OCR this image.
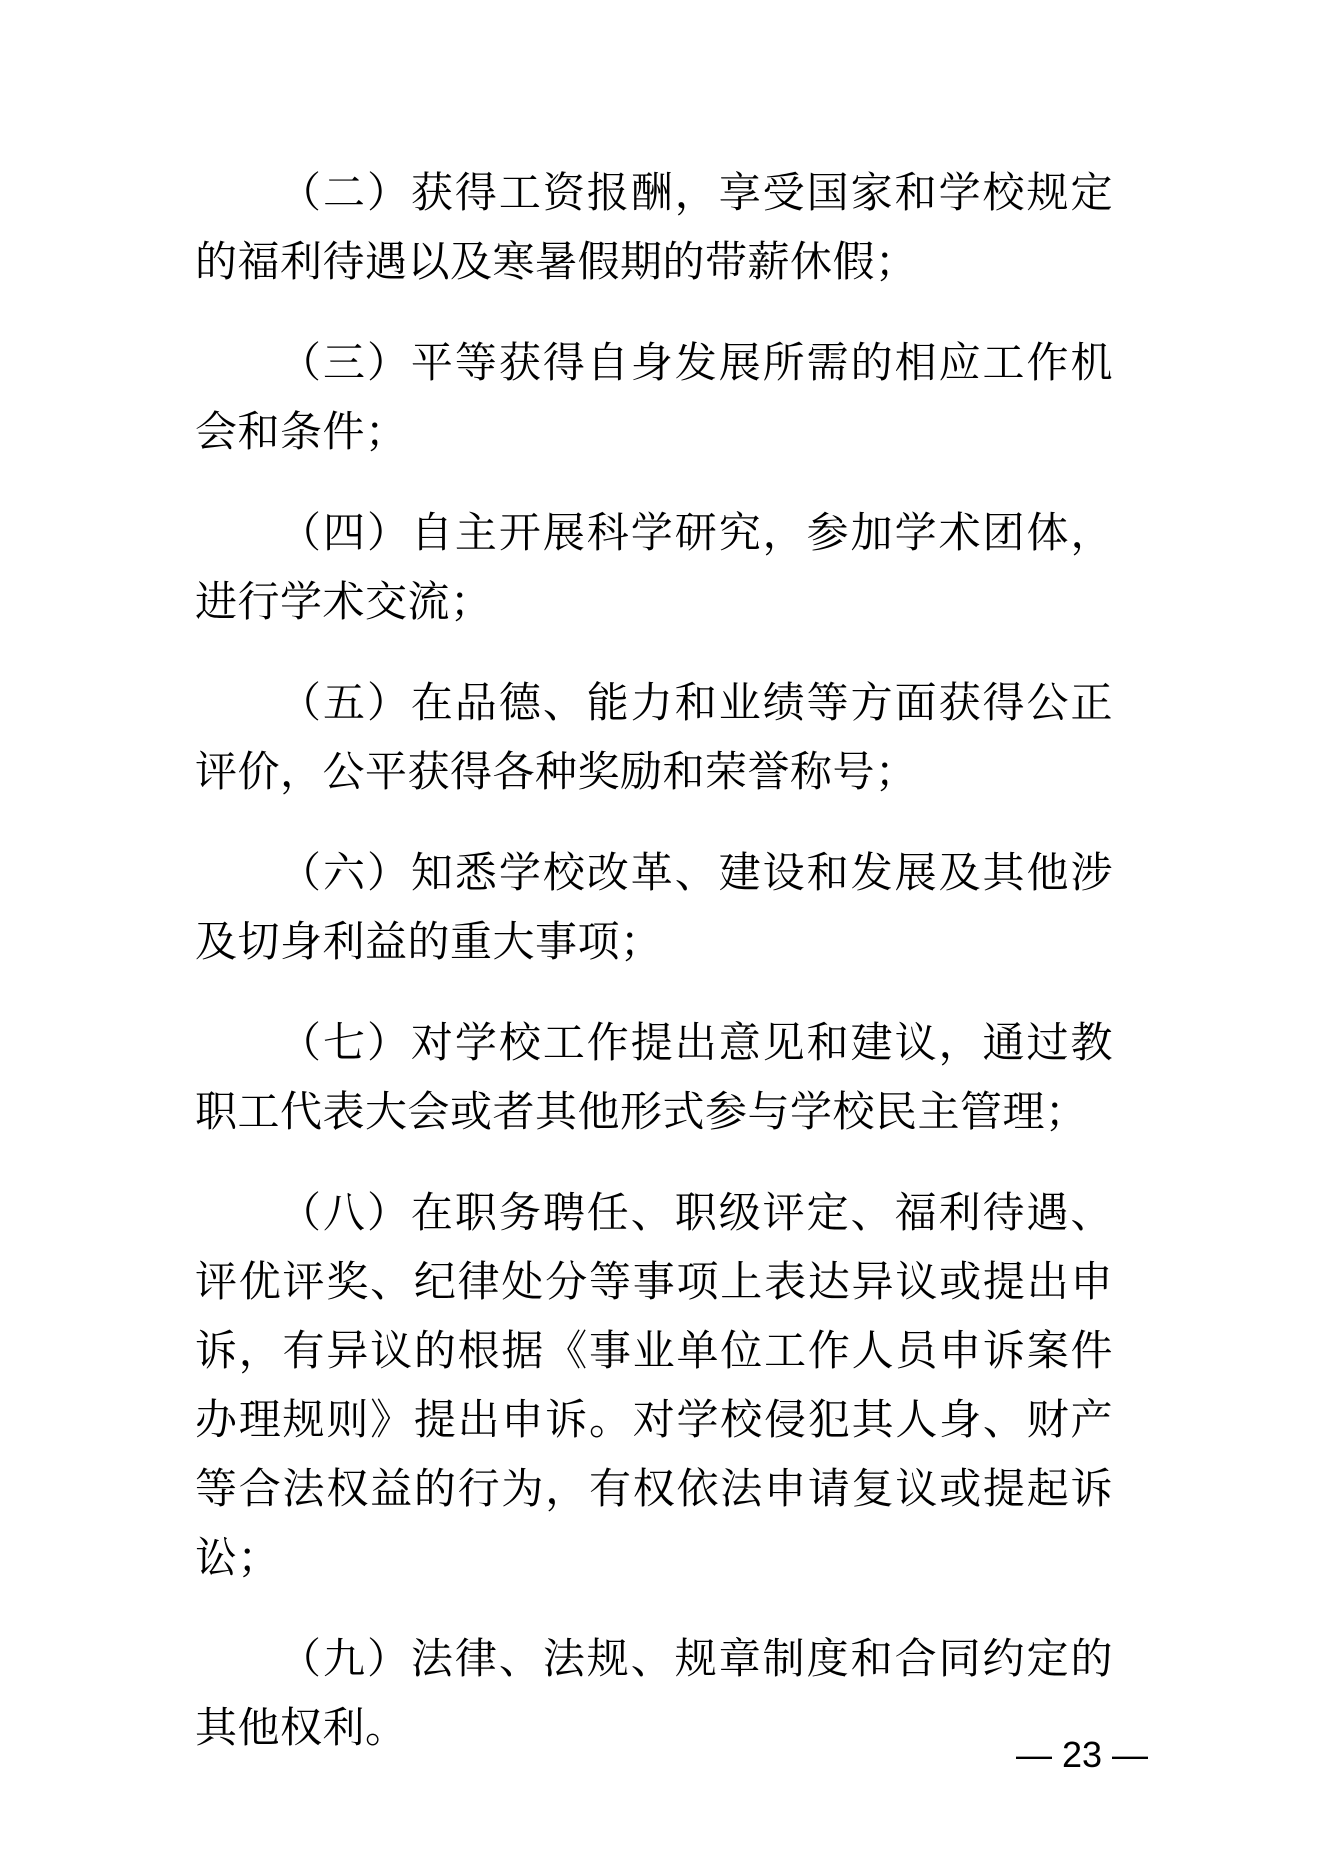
（二）获得工资报酬，享受国家和学校规定的福利待遇以及寒暑假期的带薪休假；

（三）平等获得自身发展所需的相应工作机会和条件；

（四）自主开展科学研究，参加学术团体，进行学术交流；

（五）在品德、能力和业绩等方面获得公正评价，公平获得各种奖励和荣誉称号；

（六）知悉学校改革、建设和发展及其他涉及切身利益的重大事项；

（七）对学校工作提出意见和建议，通过教职工代表大会或者其他形式参与学校民主管理；

（八）在职务聘任、职级评定、福利待遇、评优评奖、纪律处分等事项上表达异议或提出申诉，有异议的根据《事业单位工作人员申诉案件办理规则》提出申诉。对学校侵犯其人身、财产等合法权益的行为，有权依法申请复议或提起诉讼；

（九）法律、法规、规章制度和合同约定的其他权利。

— 23 —
